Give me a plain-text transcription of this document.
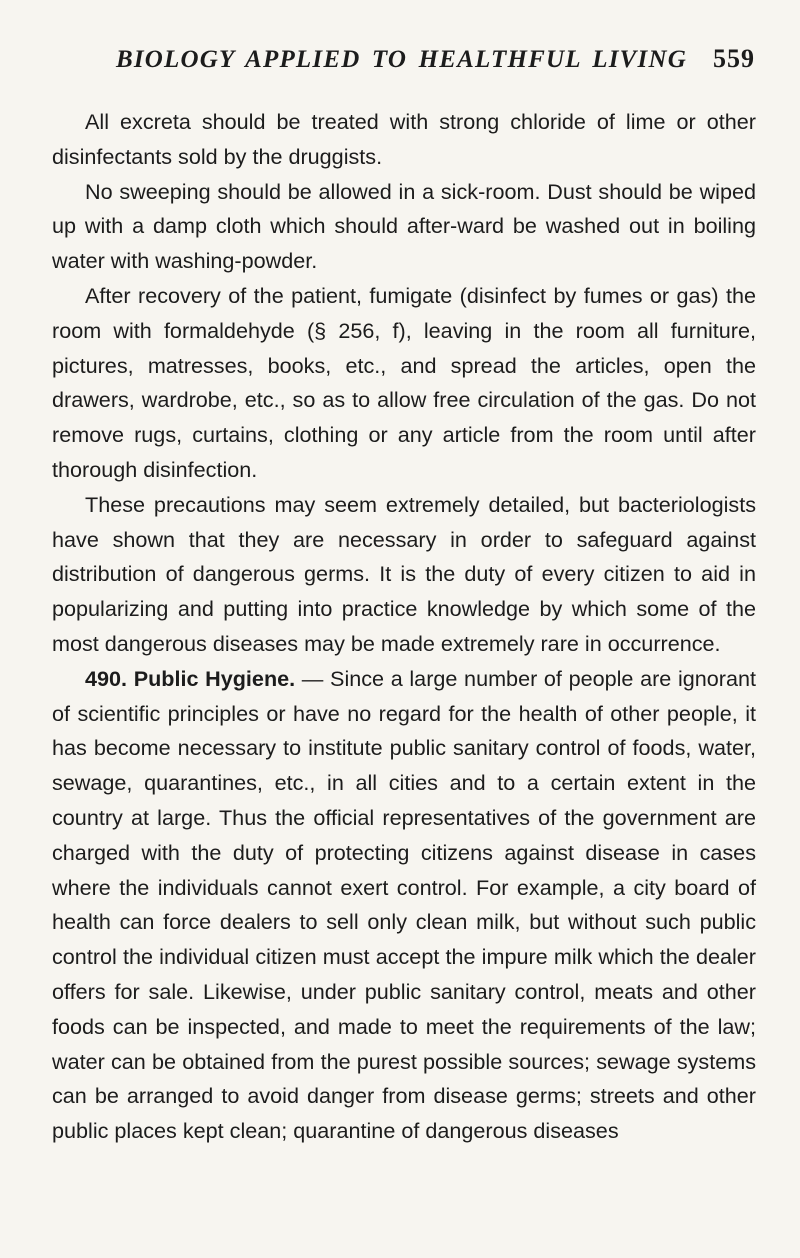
BIOLOGY APPLIED TO HEALTHFUL LIVING 559

All excreta should be treated with strong chloride of lime or other disinfectants sold by the druggists.

No sweeping should be allowed in a sick-room. Dust should be wiped up with a damp cloth which should after-ward be washed out in boiling water with washing-powder.

After recovery of the patient, fumigate (disinfect by fumes or gas) the room with formaldehyde (§ 256, f), leaving in the room all furniture, pictures, matresses, books, etc., and spread the articles, open the drawers, wardrobe, etc., so as to allow free circulation of the gas. Do not remove rugs, curtains, clothing or any article from the room until after thorough disinfection.

These precautions may seem extremely detailed, but bacteriologists have shown that they are necessary in order to safeguard against distribution of dangerous germs. It is the duty of every citizen to aid in popularizing and putting into practice knowledge by which some of the most dangerous diseases may be made extremely rare in occurrence.

490. Public Hygiene. — Since a large number of people are ignorant of scientific principles or have no regard for the health of other people, it has become necessary to institute public sanitary control of foods, water, sewage, quarantines, etc., in all cities and to a certain extent in the country at large. Thus the official representatives of the government are charged with the duty of protecting citizens against disease in cases where the individuals cannot exert control. For example, a city board of health can force dealers to sell only clean milk, but without such public control the individual citizen must accept the impure milk which the dealer offers for sale. Likewise, under public sanitary control, meats and other foods can be inspected, and made to meet the requirements of the law; water can be obtained from the purest possible sources; sewage systems can be arranged to avoid danger from disease germs; streets and other public places kept clean; quarantine of dangerous diseases
